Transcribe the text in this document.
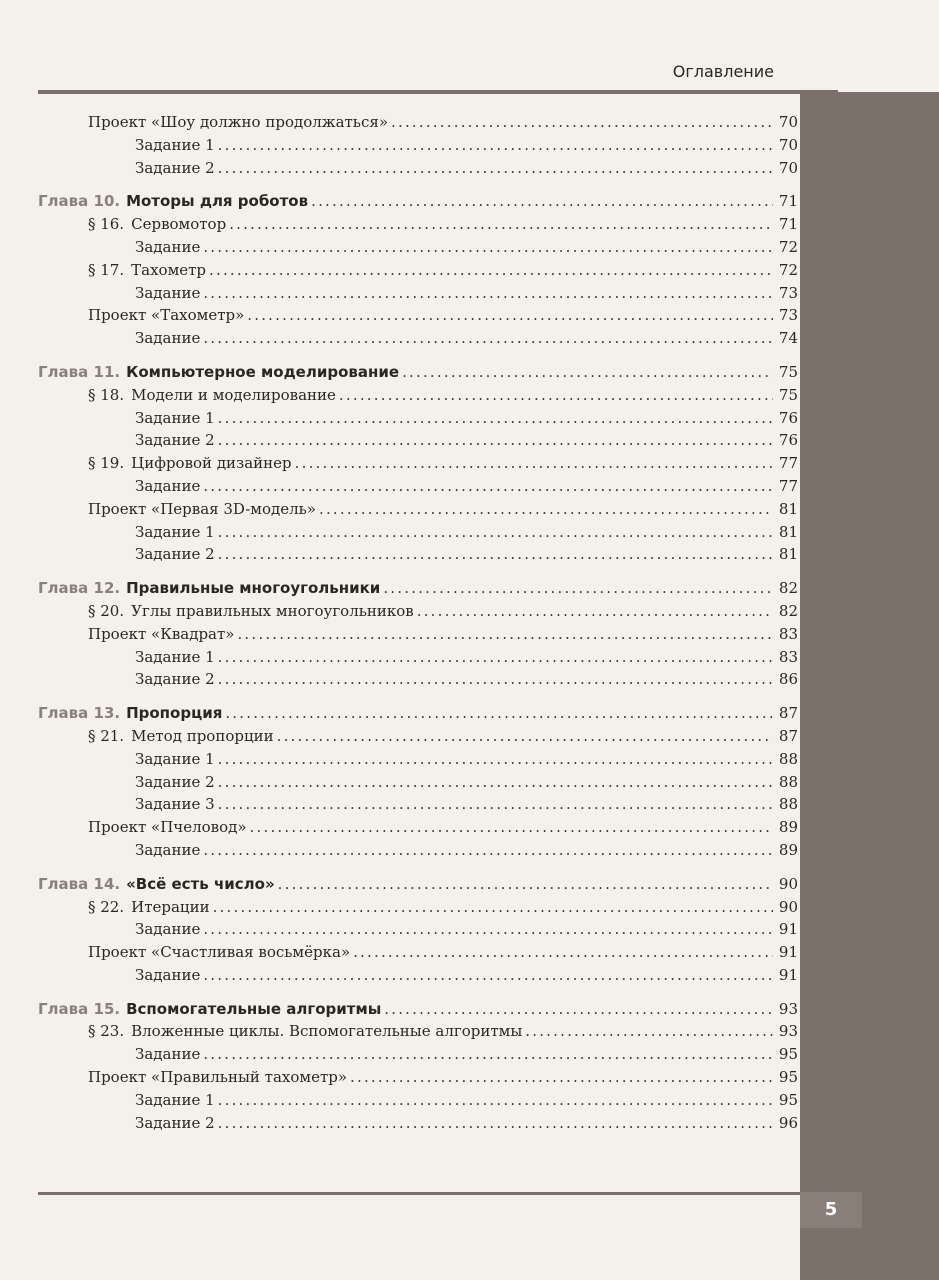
Оглавление
Проект «Шоу должно продолжаться» .....	70
Задание 1 .....	70
Задание 2 .....	70
Глава 10. Моторы для роботов .....	71
§ 16. Сервомотор .....	71
Задание .....	72
§ 17. Тахометр .....	72
Задание .....	73
Проект «Тахометр» .....	73
Задание .....	74
Глава 11. Компьютерное моделирование .....	75
§ 18. Модели и моделирование .....	75
Задание 1 .....	76
Задание 2 .....	76
§ 19. Цифровой дизайнер .....	77
Задание .....	77
Проект «Первая 3D-модель» .....	81
Задание 1 .....	81
Задание 2 .....	81
Глава 12. Правильные многоугольники .....	82
§ 20. Углы правильных многоугольников .....	82
Проект «Квадрат» .....	83
Задание 1 .....	83
Задание 2 .....	86
Глава 13. Пропорция .....	87
§ 21. Метод пропорции .....	87
Задание 1 .....	88
Задание 2 .....	88
Задание 3 .....	88
Проект «Пчеловод» .....	89
Задание .....	89
Глава 14. «Всё есть число» .....	90
§ 22. Итерации .....	90
Задание .....	91
Проект «Счастливая восьмёрка» .....	91
Задание .....	91
Глава 15. Вспомогательные алгоритмы .....	93
§ 23. Вложенные циклы. Вспомогательные алгоритмы .....	93
Задание .....	95
Проект «Правильный тахометр» .....	95
Задание 1 .....	95
Задание 2 .....	96
5
